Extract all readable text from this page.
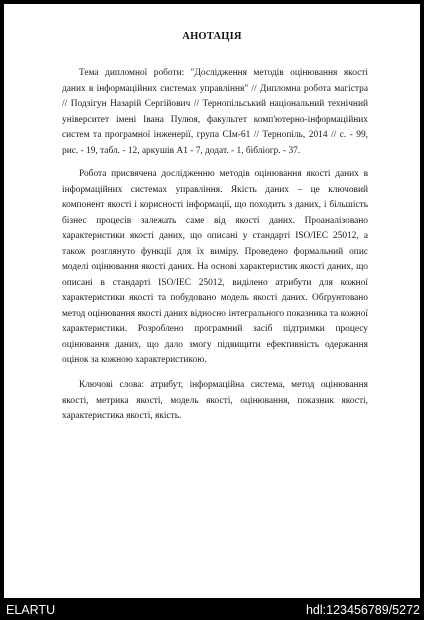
АНОТАЦІЯ

Тема дипломної роботи: "Дослідження методів оцінювання якості даних в інформаційних системах управління" // Дипломна робота магістра // Подзігун Назарій Сергійович // Тернопільський національний технічний університет імені Івана Пулюя, факультет комп'ютерно-інформаційних систем та програмної інженерії, група СІм-61 // Тернопіль, 2014 // с. - 99, рис. - 19, табл. - 12, аркушів А1 - 7, додат. - 1, бібліогр. - 37.

Робота присвячена дослідженню методів оцінювання якості даних в інформаційних системах управління. Якість даних – це ключовий компонент якості і корисності інформації, що походить з даних, і більшість бізнес процесів залежать саме від якості даних. Проаналізовано характеристики якості даних, що описані у стандарті ISO/IEC 25012, а також розглянуто функції для їх виміру. Проведено формальний опис моделі оцінювання якості даних. На основі характеристик якості даних, що описані в стандарті ISO/IEC 25012, виділено атрибути для кожної характеристики якості та побудовано модель якості даних. Обґрунтовано метод оцінювання якості даних відносно інтегрального показника та кожної характеристики. Розроблено програмний засіб підтримки процесу оцінювання даних, що дало змогу підвищити ефективність одержання оцінок за кожною характеристикою.

Ключові слова: атрибут, інформаційна система, метод оцінювання якості, метрика якості, модель якості, оцінювання, показник якості, характеристика якості, якість.

ELARTU	hdl:123456789/5272
